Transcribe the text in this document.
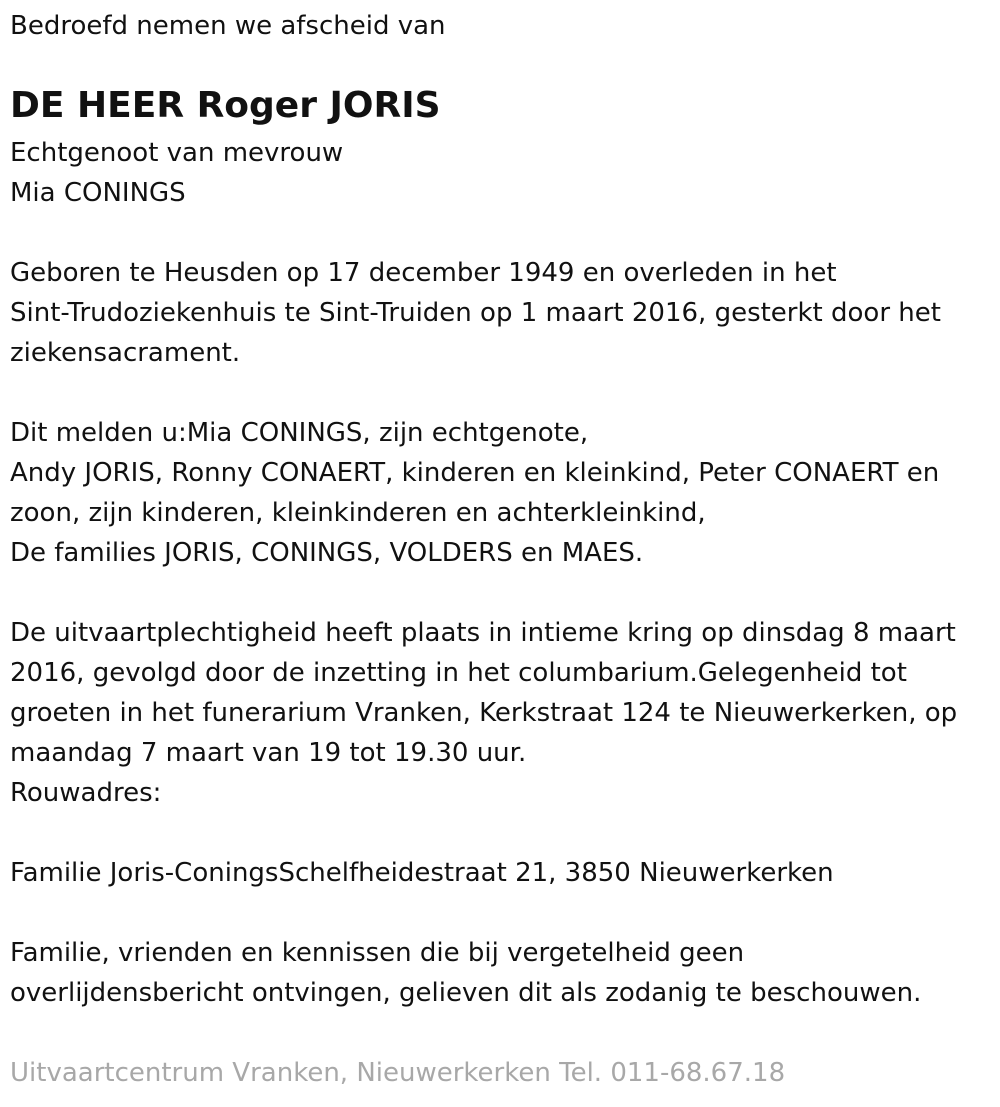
Bedroefd nemen we afscheid van
DE HEER Roger JORIS
Echtgenoot van mevrouw
Mia CONINGS
Geboren te Heusden op 17 december 1949 en overleden in het
Sint-Trudoziekenhuis te Sint-Truiden op 1 maart 2016, gesterkt door het
ziekensacrament.
Dit melden u:Mia CONINGS, zijn echtgenote,
Andy JORIS, Ronny CONAERT, kinderen en kleinkind, Peter CONAERT en
zoon, zijn kinderen, kleinkinderen en achterkleinkind,
De families JORIS, CONINGS, VOLDERS en MAES.
De uitvaartplechtigheid heeft plaats in intieme kring op dinsdag 8 maart
2016, gevolgd door de inzetting in het columbarium.Gelegenheid tot
groeten in het funerarium Vranken, Kerkstraat 124 te Nieuwerkerken, op
maandag 7 maart van 19 tot 19.30 uur.
Rouwadres:
Familie Joris-ConingsSchelfheidestraat 21, 3850 Nieuwerkerken
Familie, vrienden en kennissen die bij vergetelheid geen
overlijdensbericht ontvingen, gelieven dit als zodanig te beschouwen.
Uitvaartcentrum Vranken, Nieuwerkerken Tel. 011-68.67.18
